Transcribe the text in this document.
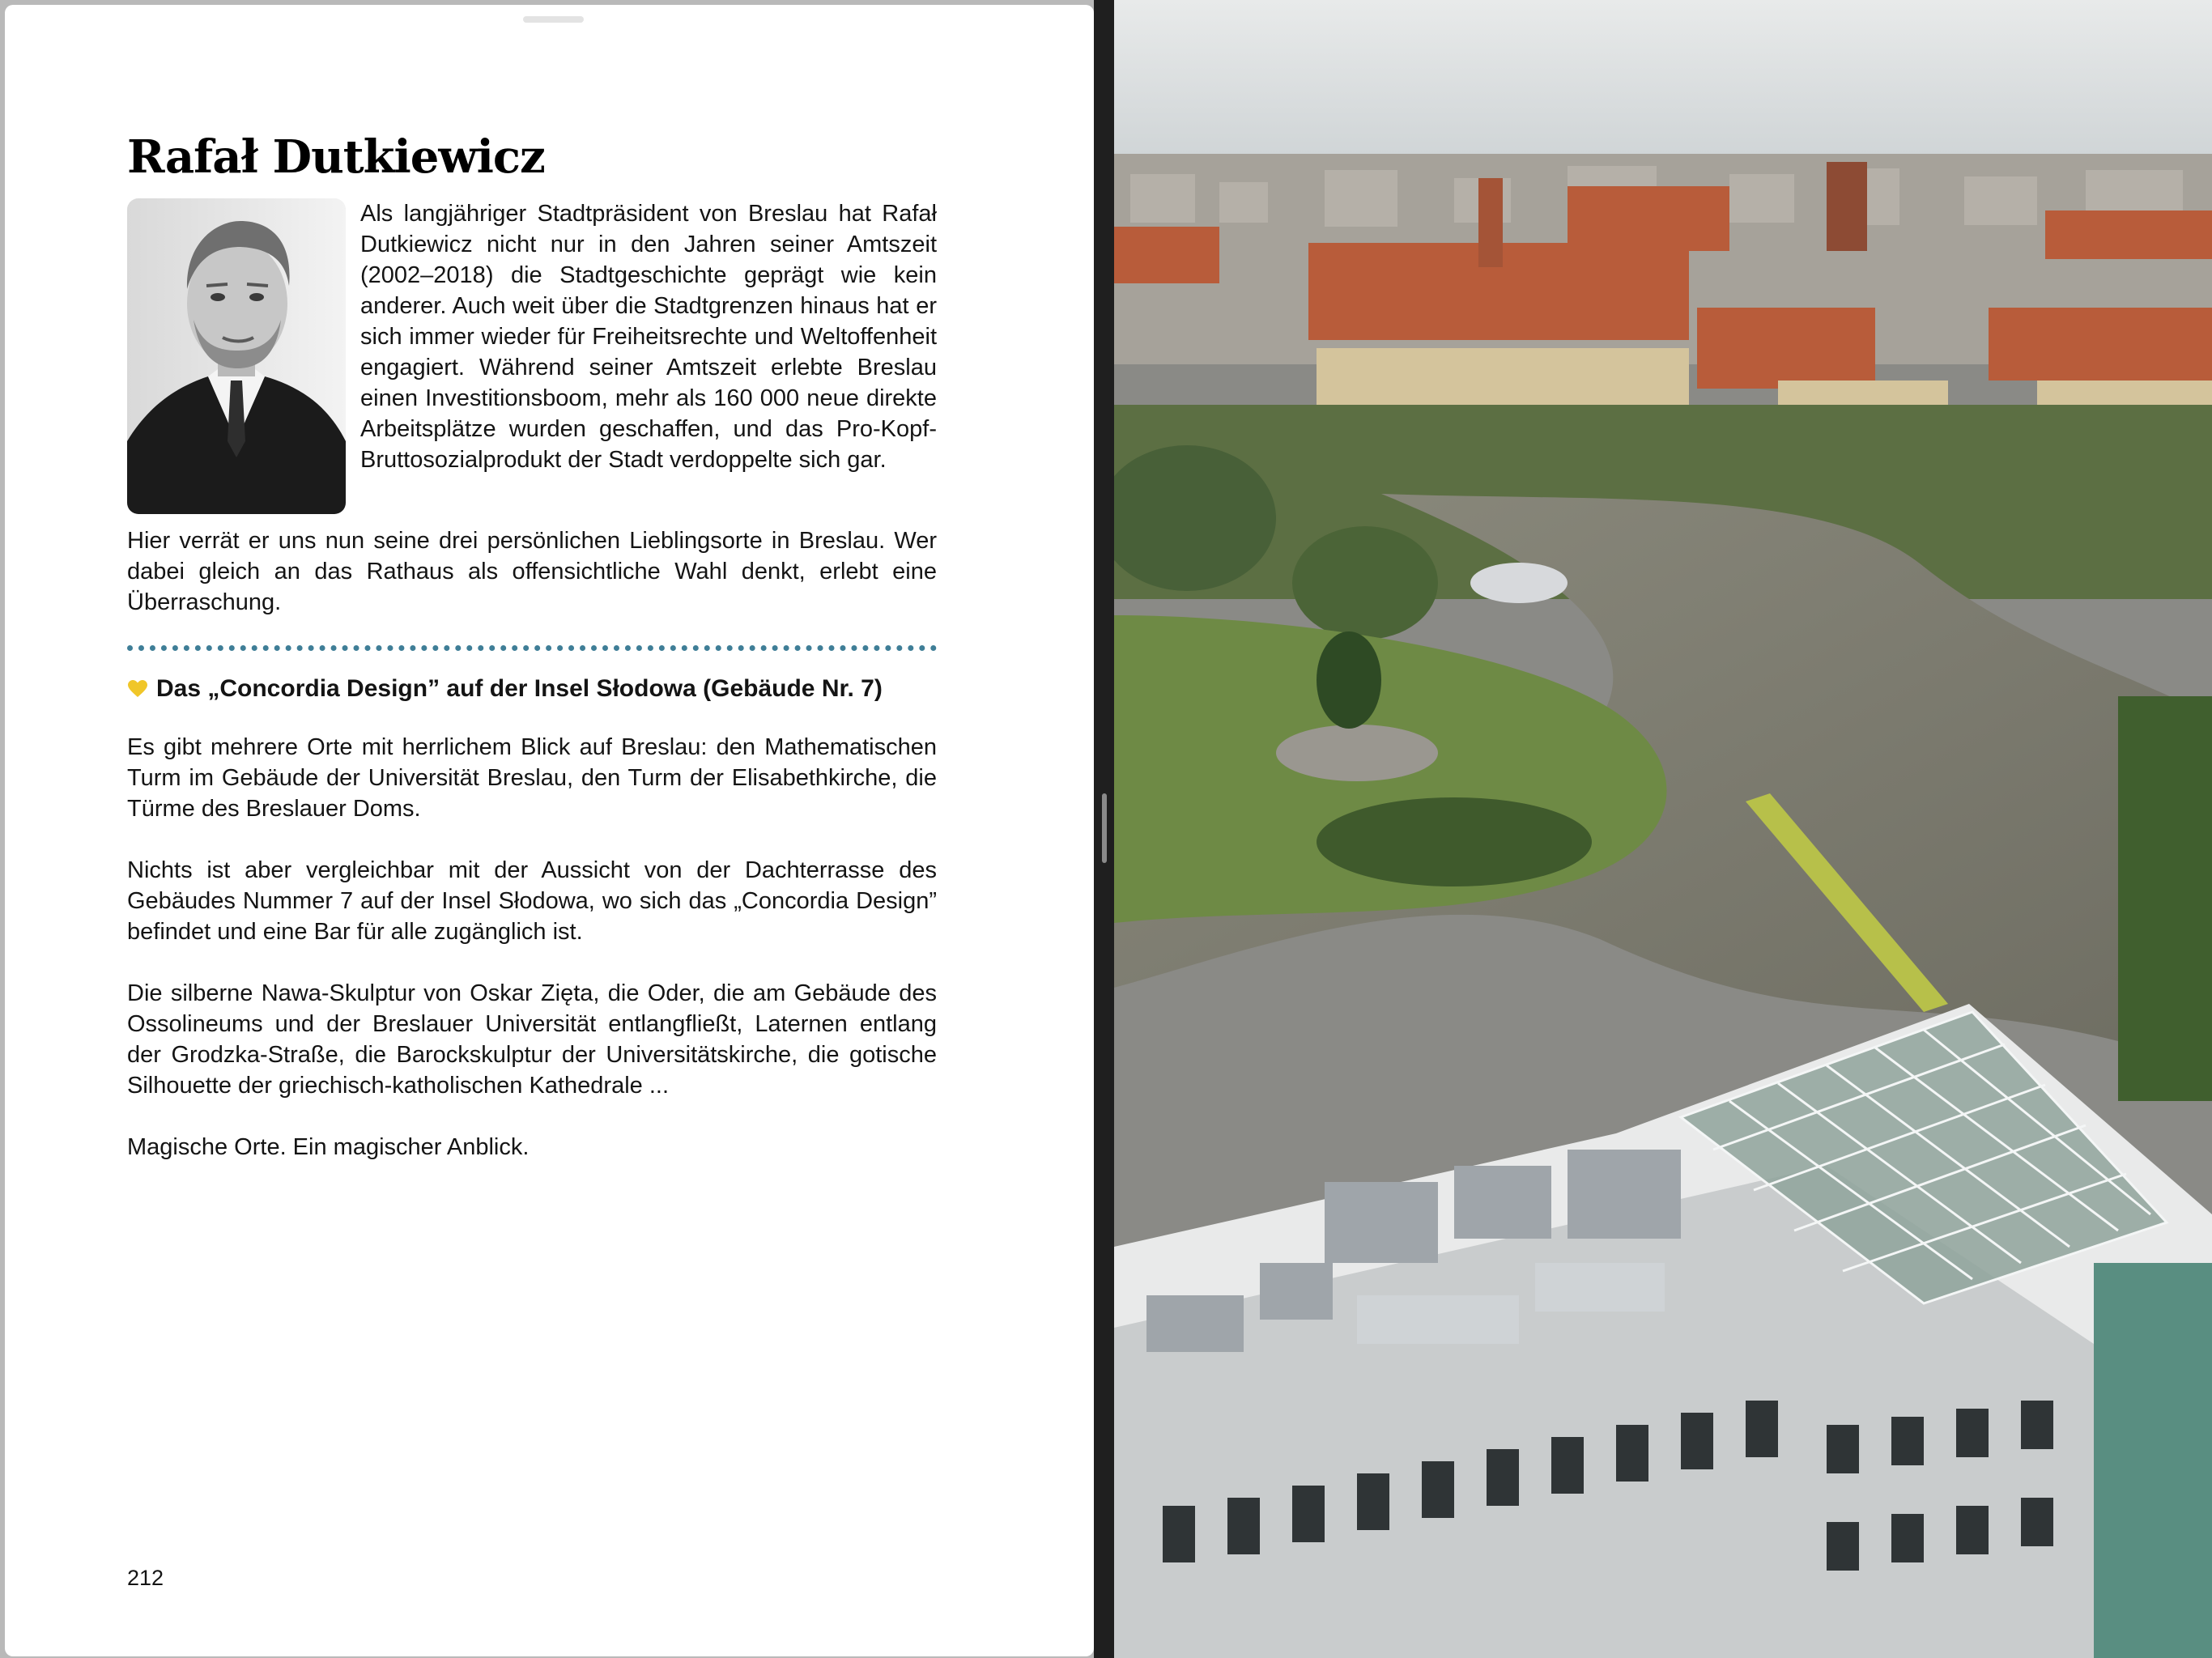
Rafał Dutkiewicz

Als langjähriger Stadtpräsident von Breslau hat Rafał Dutkiewicz nicht nur in den Jahren seiner Amtszeit (2002–2018) die Stadtgeschichte geprägt wie kein anderer. Auch weit über die Stadtgrenzen hinaus hat er sich immer wieder für Freiheitsrechte und Weltoffenheit engagiert. Während seiner Amtszeit erlebte Breslau einen Investitionsboom, mehr als 160 000 neue direkte Arbeitsplätze wurden geschaffen, und das Pro-Kopf-Bruttosozialprodukt der Stadt verdoppelte sich gar.

Hier verrät er uns nun seine drei persönlichen Lieblingsorte in Breslau. Wer dabei gleich an das Rathaus als offensichtliche Wahl denkt, erlebt eine Überraschung.

Das „Concordia Design” auf der Insel Słodowa (Gebäude Nr. 7)

Es gibt mehrere Orte mit herrlichem Blick auf Breslau: den Mathematischen Turm im Gebäude der Universität Breslau, den Turm der Elisabethkirche, die Türme des Breslauer Doms.

Nichts ist aber vergleichbar mit der Aussicht von der Dachterrasse des Gebäudes Nummer 7 auf der Insel Słodowa, wo sich das „Concordia Design” befindet und eine Bar für alle zugänglich ist.

Die silberne Nawa-Skulptur von Oskar Zięta, die Oder, die am Gebäude des Ossolineums und der Breslauer Universität entlangfließt, Laternen entlang der Grodzka-Straße, die Barockskulptur der Universitätskirche, die gotische Silhouette der griechisch-katholischen Kathedrale ...

Magische Orte. Ein magischer Anblick.

212
